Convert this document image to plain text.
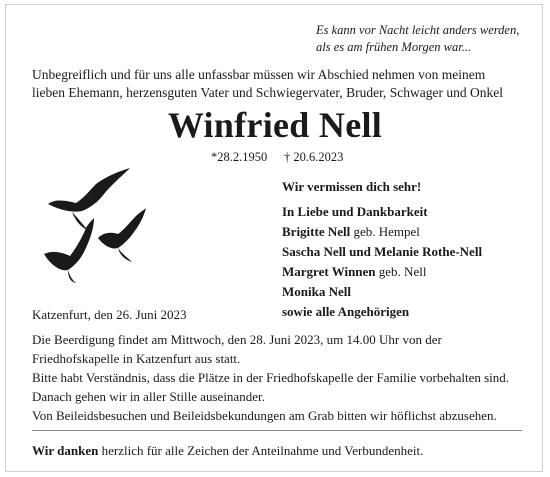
Es kann vor Nacht leicht anders werden,
als es am frühen Morgen war...
Unbegreiflich und für uns alle unfassbar müssen wir Abschied nehmen von meinem
lieben Ehemann, herzensguten Vater und Schwiegervater, Bruder, Schwager und Onkel
Winfried Nell
*28.2.1950 † 20.6.2023
Wir vermissen dich sehr!
In Liebe und Dankbarkeit
Brigitte Nell geb. Hempel
Sascha Nell und Melanie Rothe-Nell
Margret Winnen geb. Nell
Monika Nell
sowie alle Angehörigen
Katzenfurt, den 26. Juni 2023
Die Beerdigung findet am Mittwoch, den 28. Juni 2023, um 14.00 Uhr von der
Friedhofskapelle in Katzenfurt aus statt.
Bitte habt Verständnis, dass die Plätze in der Friedhofskapelle der Familie vorbehalten sind.
Danach gehen wir in aller Stille auseinander.
Von Beileidsbesuchen und Beileidsbekundungen am Grab bitten wir höflichst abzusehen.
Wir danken herzlich für alle Zeichen der Anteilnahme und Verbundenheit.
